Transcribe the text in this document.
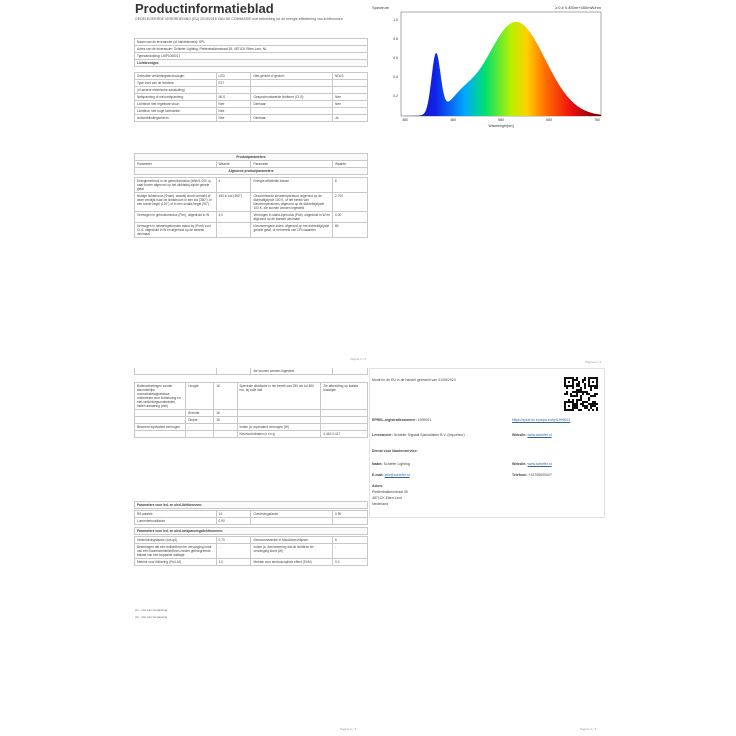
Productinformatieblad
GEDELEGEERDE VERORDENING (EU) 2019/2015 VAN DE COMMISSIE met betrekking tot de energie-etikettering van lichtbronnen
Naam van de leverancier (of handelsmerk): SPL
Adres van de leverancier: Schiefer Lighting, Plettenbakkenstraat 35, 4871CK Etten-Leur, NL
Typeaanduiding: LMP1006017
Lichtbrontype:
Gebruikte verlichtingstechnologie:	LED	Niet-gericht of gericht:	NDLS
Type voet van de lichtbron	E27		
(of andere elektrische aansluiting)			
Netspanning of niet-netspanning:	MLS	Gesynchroniseerde lichtbron (CLS):	Nee
Lichtbron met regelbare stuur:	Nee	Dimbaar:	Nee
Lichtbron met hoge luminantie:	Nee		
Antiverblindingscherm:	Nee	Dimbaar:	Ja
Productparameters
Parameter	Waarde	Parameter	Waarde
Algemene productparameters
Energieverbruik in de gebruiksmodus (kWh/1 000 u), naar boven afgerond op het dichtstbij-zijnde gehele getal	4	Energie-efficiëntie-klasse	E
Nuttige lichtstroom (Φuse), waarbij wordt vermeld of deze verwijst naar de lichtstroom in een bol (360°), in een brede kegel (120°) of in een smalle kegel (90°)	450 in bol (360°)	Gecorreleerde kleurtemperatuur, afgerond op de dichtstbijzijnde 100 K, of het bereik van kleurtemperaturen, afgerond op de dichtstbijzijnde 100 K, die kunnen worden ingesteld	2.700
Vermogen in gebruiksmodus (Pon), uitgedrukt in W	4,0	Vermogen in stand-bymodus (Psb), uitgedrukt in W en afgerond op de tweede decimaal	0,00
Vermogen in netwerkgebonden stand-by (Pnet) voor CLS, uitgedrukt in W en afgerond op de tweede decimaal	-	Kleurweergave-index, afgerond op het dichtstbijzijnde gehele getal, of het bereik van CRI-waarden	80
Pagina 1 / 3
Spectrum	λ:0 # 0.450m+450mW/nm
1.0
0.8
0.6
0.4
0.2
380	480	580	680	780
Wavelength[nm]
Pagina 2 / 3
		die kunnen worden ingesteld	
Buitenafmetingen zonder afzonderlijke voorschakelapparatuur, onderdelen voor lichtsturing en niet-verlichtingsonderdelen, indien aanwezig (mm)	Hoogte	16	Spectrale distributie in het bereik van 250 nm tot 800 nm, bij volle last	Zie afbeelding op laatste bladzijde
	Breedte	16		
	Diepte	16		
Beweerd equivalent vermogen	-		Indien ja, equivalent vermogen (W)	-
			Kleurcoördinaten (x en y)	0,463 0,417
Parameters voor led- en oled-lichtbronnen:
R9-waarde	14	Overlevingsfactor	0,90
Lumenbehoudfactor	0,90		
Parameters voor led- en oled-netspanningslichtbronnen:
Verschuivingsfactor (cos φ1)	0,70	Kleurconsistentie in MacAdam-ellipsen	6
Beweringen dat een ledlichtbron ter vervanging komt van een fluorescentielichtbron zonder geïntegreerde ballast van een bepaalde wattage	-	Indien ja, dan bewering dat de lichtbron ter vervanging komt (W)	-
Metriek voor flikkering (Pst LM)	1,0	Metriek voor stroboscopisch effect (SVM)	0,4
(1) - niet van toepassing
(2) - niet van toepassing
Model in de EU in de handel gebracht van 01/05/2024
EPREL-registratienummer: 1999921	https://eprel.ec.europa.eu/qr/1999921
Leverancier: Schiefer Signaal Specialisten B.V. (Importeur)	Website: www.schiefer.nl
Dienst voor klantenservice:
Naam: Schiefer Lighting	Website: www.schiefer.nl
E-mail: info@schiefer.nl	Telefoon: +31765000007
Adres:
Plettenbakkenstraat 35
4871CK Etten-Leur
Nederland
Pagina 2 / 3	Pagina 3 / 3
